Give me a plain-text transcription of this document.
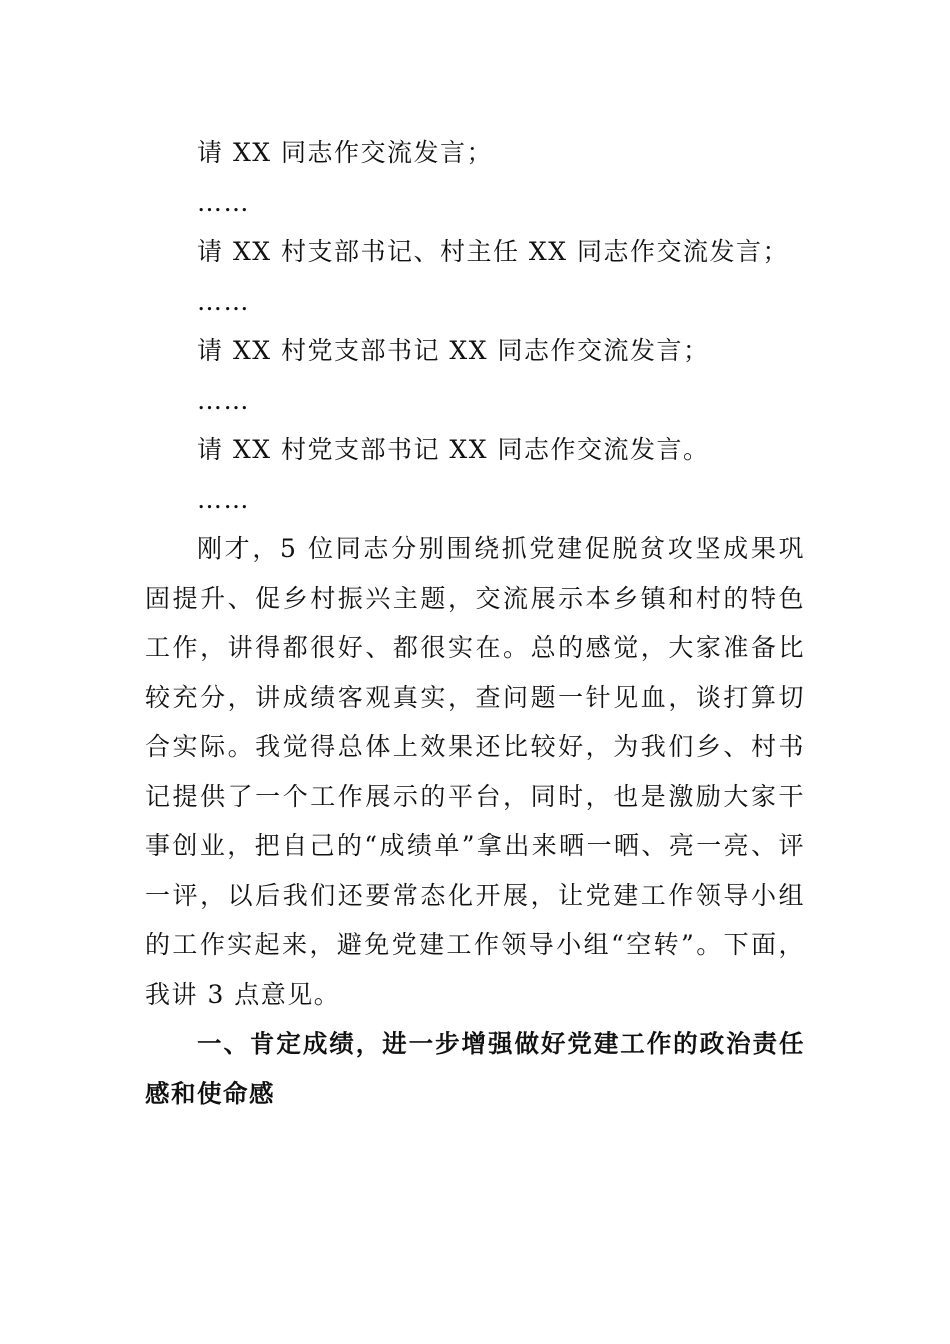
请 XX 同志作交流发言；
……
请 XX 村支部书记、村主任 XX 同志作交流发言；
……
请 XX 村党支部书记 XX 同志作交流发言；
……
请 XX 村党支部书记 XX 同志作交流发言。
……

刚才，5 位同志分别围绕抓党建促脱贫攻坚成果巩固提升、促乡村振兴主题，交流展示本乡镇和村的特色工作，讲得都很好、都很实在。总的感觉，大家准备比较充分，讲成绩客观真实，查问题一针见血，谈打算切合实际。我觉得总体上效果还比较好，为我们乡、村书记提供了一个工作展示的平台，同时，也是激励大家干事创业，把自己的“成绩单”拿出来晒一晒、亮一亮、评一评，以后我们还要常态化开展，让党建工作领导小组的工作实起来，避免党建工作领导小组“空转”。下面，我讲 3 点意见。

一、肯定成绩，进一步增强做好党建工作的政治责任感和使命感
